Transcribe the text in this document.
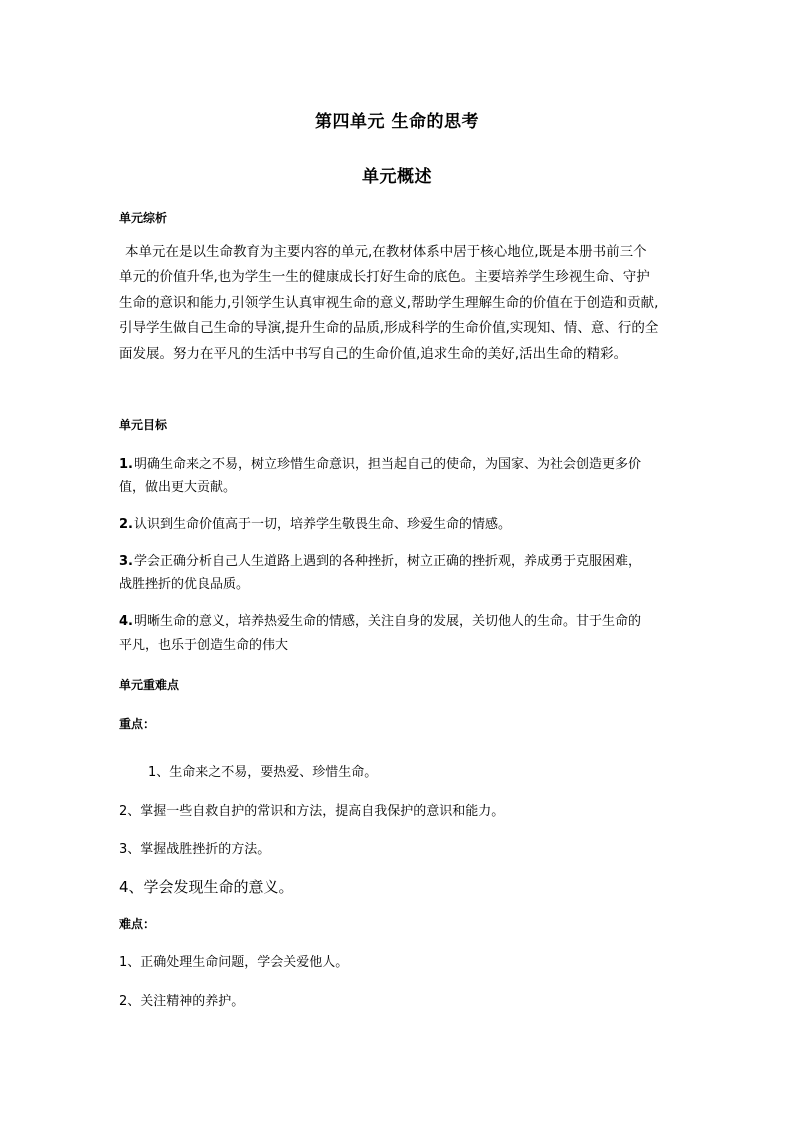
第四单元 生命的思考
单元概述
单元综析
本单元在是以生命教育为主要内容的单元,在教材体系中居于核心地位,既是本册书前三个
单元的价值升华,也为学生一生的健康成长打好生命的底色。主要培养学生珍视生命、守护
生命的意识和能力,引领学生认真审视生命的意义,帮助学生理解生命的价值在于创造和贡献,
引导学生做自己生命的导演,提升生命的品质,形成科学的生命价值,实现知、情、意、行的全
面发展。努力在平凡的生活中书写自己的生命价值,追求生命的美好,活出生命的精彩。
单元目标
1.明确生命来之不易，树立珍惜生命意识，担当起自己的使命，为国家、为社会创造更多价
值，做出更大贡献。
2.认识到生命价值高于一切，培养学生敬畏生命、珍爱生命的情感。
3.学会正确分析自己人生道路上遇到的各种挫折，树立正确的挫折观，养成勇于克服困难，
战胜挫折的优良品质。
4.明晰生命的意义，培养热爱生命的情感，关注自身的发展，关切他人的生命。甘于生命的
平凡，也乐于创造生命的伟大
单元重难点
重点：
1、生命来之不易，要热爱、珍惜生命。
2、掌握一些自救自护的常识和方法，提高自我保护的意识和能力。
3、掌握战胜挫折的方法。
4、学会发现生命的意义。
难点：
1、正确处理生命问题，学会关爱他人。
2、关注精神的养护。
